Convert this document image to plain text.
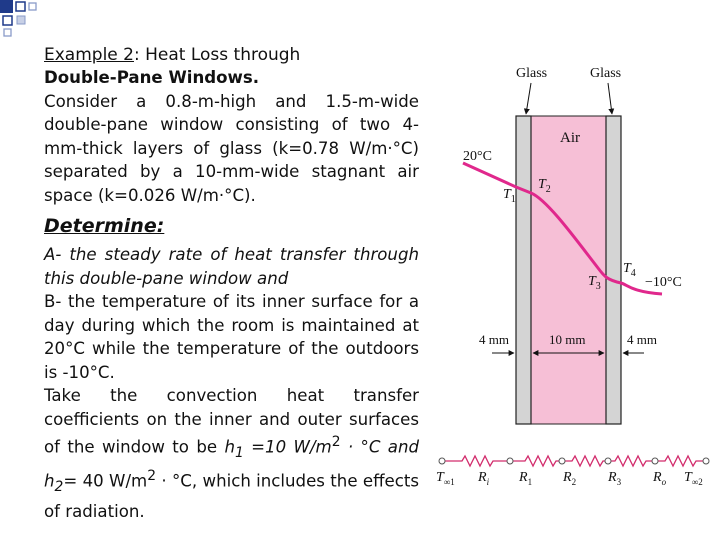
Example 2: Heat Loss through

Double-Pane Windows.

Consider a 0.8-m-high and 1.5-m-wide double-pane window consisting of two 4-mm-thick layers of glass (k=0.78 W/m·°C) separated by a 10-mm-wide stagnant air space (k=0.026 W/m·°C).

Determine:

A- the steady rate of heat transfer through this double-pane window and

B- the temperature of its inner surface for a day during which the room is maintained at 20°C while the temperature of the outdoors is -10°C.

Take the convection heat transfer coefficients on the inner and outer surfaces of the window to be $h_1 =10$ $W/m^2 \cdot ^\circ C$ and $h_2= 40$ $W/m^2 \cdot ^\circ C$, which includes the effects of radiation.

Glass	Glass
Air
20°C
−10°C
$T_1$
$T_2$
$T_3$
$T_4$
4 mm	10 mm	4 mm
$T_{\infty 1}$ $R_i$ $R_1$ $R_2$ $R_3$ $R_o$ $T_{\infty 2}$
